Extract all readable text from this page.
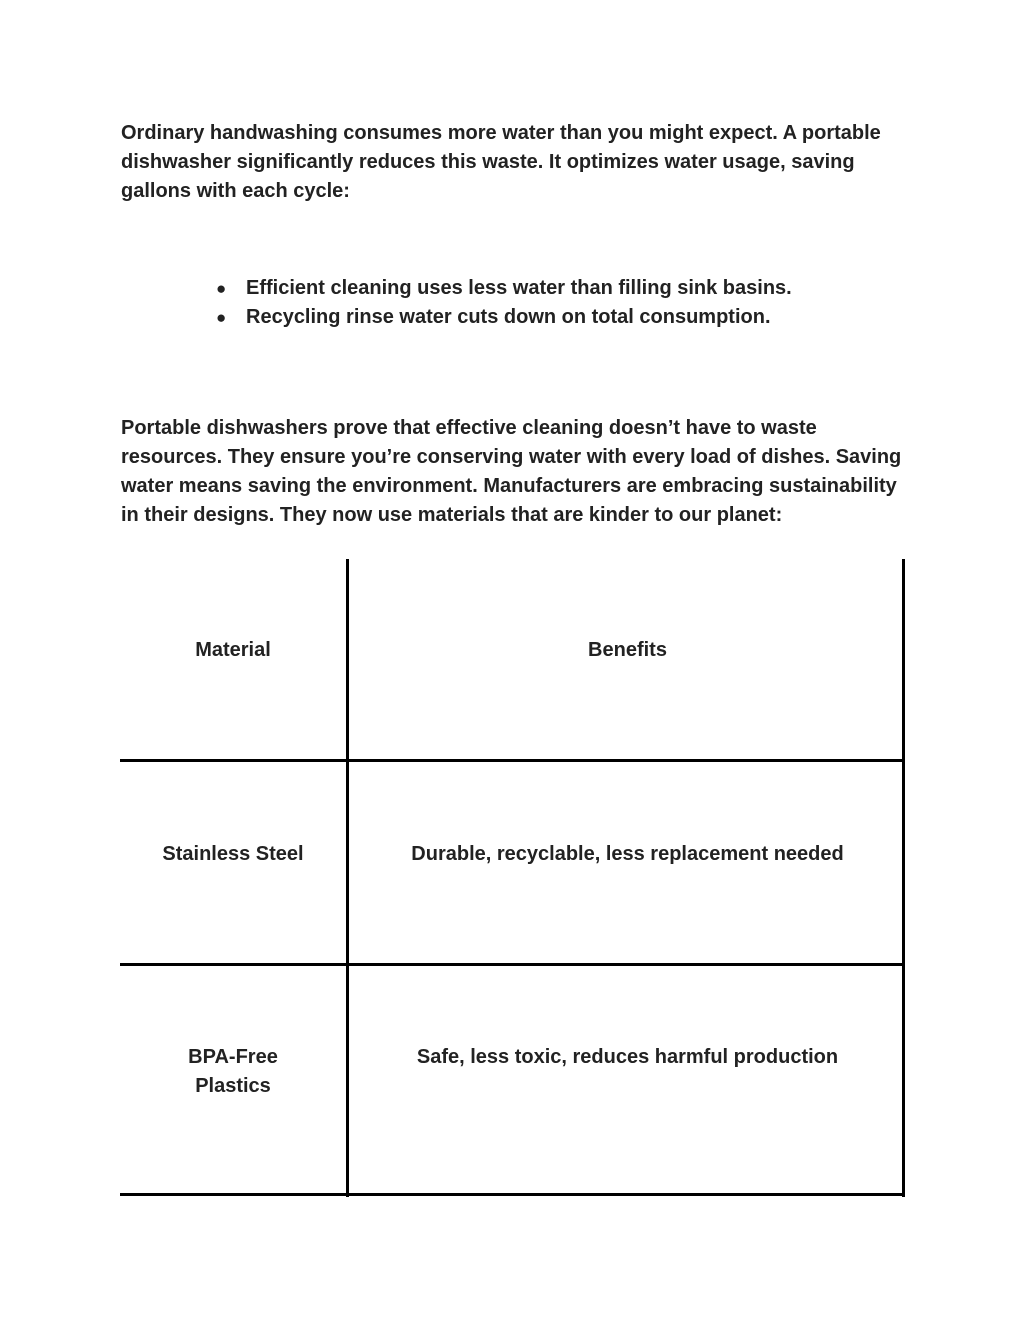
Ordinary handwashing consumes more water than you might expect. A portable dishwasher significantly reduces this waste. It optimizes water usage, saving gallons with each cycle:

● Efficient cleaning uses less water than filling sink basins.
● Recycling rinse water cuts down on total consumption.

Portable dishwashers prove that effective cleaning doesn’t have to waste resources. They ensure you’re conserving water with every load of dishes. Saving water means saving the environment. Manufacturers are embracing sustainability in their designs. They now use materials that are kinder to our planet:

Material	Benefits
Stainless Steel	Durable, recyclable, less replacement needed
BPA-Free Plastics
Safe, less toxic, reduces harmful production
